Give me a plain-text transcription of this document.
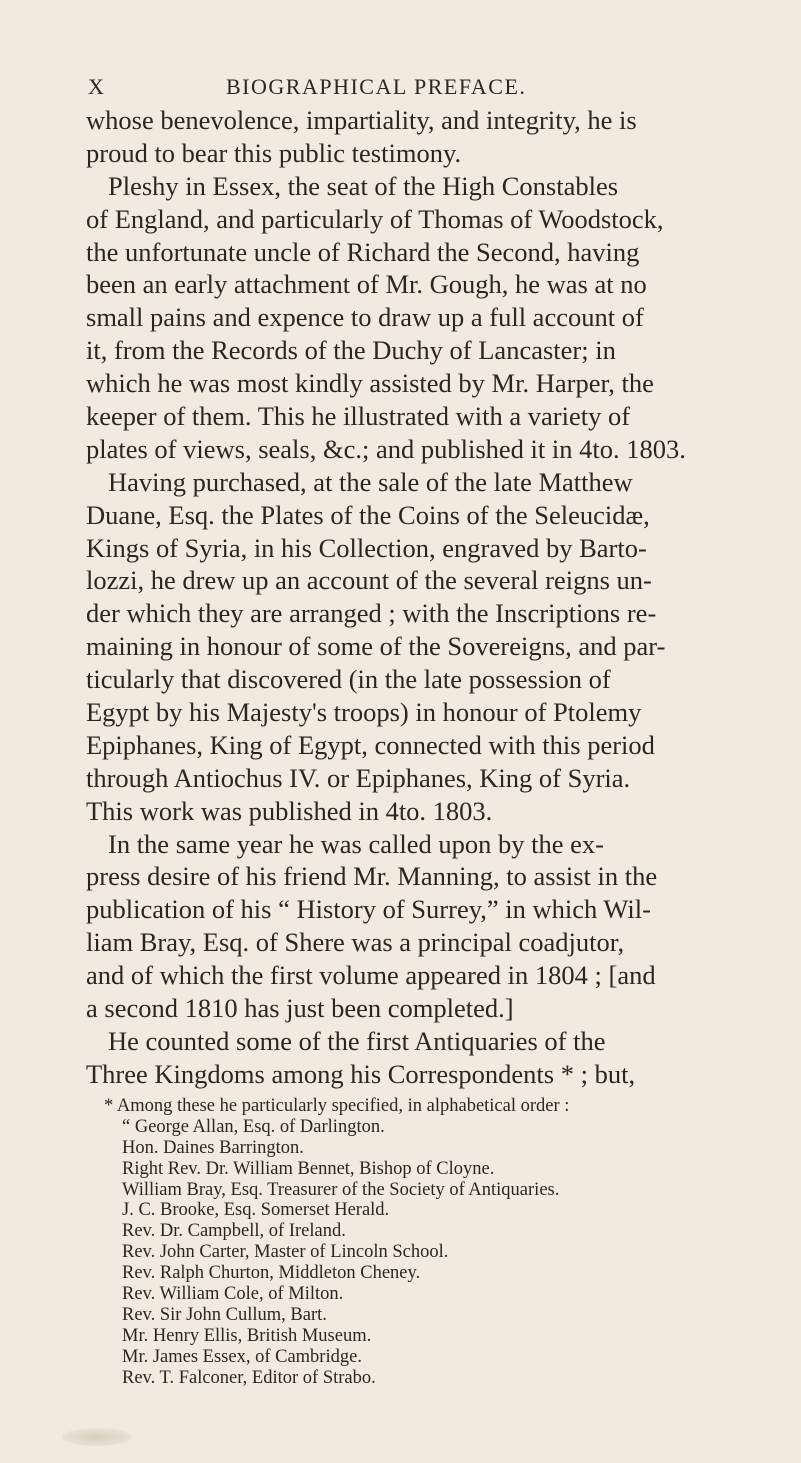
X	BIOGRAPHICAL PREFACE.
whose benevolence, impartiality, and integrity, he is
proud to bear this public testimony.
Pleshy in Essex, the seat of the High Constables
of England, and particularly of Thomas of Woodstock,
the unfortunate uncle of Richard the Second, having
been an early attachment of Mr. Gough, he was at no
small pains and expence to draw up a full account of
it, from the Records of the Duchy of Lancaster; in
which he was most kindly assisted by Mr. Harper, the
keeper of them. This he illustrated with a variety of
plates of views, seals, &c.; and published it in 4to. 1803.
Having purchased, at the sale of the late Matthew
Duane, Esq. the Plates of the Coins of the Seleucidæ,
Kings of Syria, in his Collection, engraved by Barto-
lozzi, he drew up an account of the several reigns un-
der which they are arranged ; with the Inscriptions re-
maining in honour of some of the Sovereigns, and par-
ticularly that discovered (in the late possession of
Egypt by his Majesty's troops) in honour of Ptolemy
Epiphanes, King of Egypt, connected with this period
through Antiochus IV. or Epiphanes, King of Syria.
This work was published in 4to. 1803.
In the same year he was called upon by the ex-
press desire of his friend Mr. Manning, to assist in the
publication of his “ History of Surrey,” in which Wil-
liam Bray, Esq. of Shere was a principal coadjutor,
and of which the first volume appeared in 1804 ; [and
a second 1810 has just been completed.]
He counted some of the first Antiquaries of the
Three Kingdoms among his Correspondents * ; but,
* Among these he particularly specified, in alphabetical order :
“ George Allan, Esq. of Darlington.
Hon. Daines Barrington.
Right Rev. Dr. William Bennet, Bishop of Cloyne.
William Bray, Esq. Treasurer of the Society of Antiquaries.
J. C. Brooke, Esq. Somerset Herald.
Rev. Dr. Campbell, of Ireland.
Rev. John Carter, Master of Lincoln School.
Rev. Ralph Churton, Middleton Cheney.
Rev. William Cole, of Milton.
Rev. Sir John Cullum, Bart.
Mr. Henry Ellis, British Museum.
Mr. James Essex, of Cambridge.
Rev. T. Falconer, Editor of Strabo.
